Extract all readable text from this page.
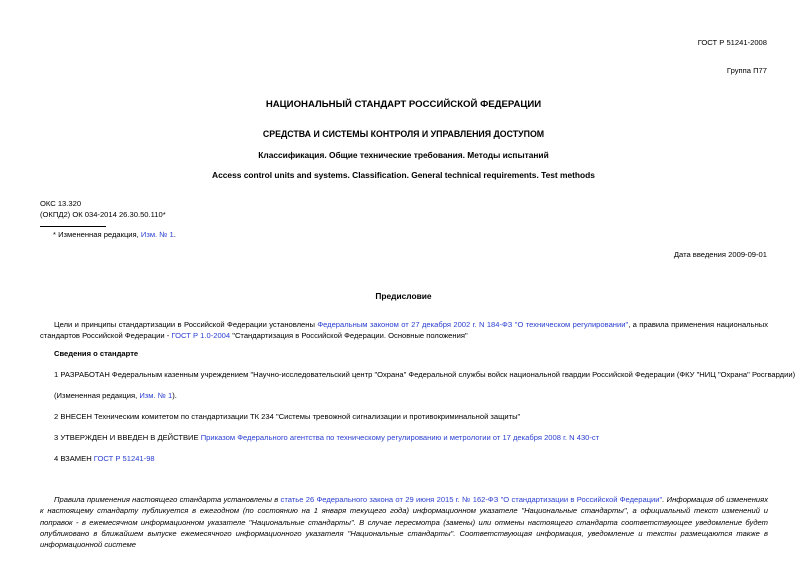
ГОСТ Р 51241-2008
Группа П77
НАЦИОНАЛЬНЫЙ СТАНДАРТ РОССИЙСКОЙ ФЕДЕРАЦИИ
СРЕДСТВА И СИСТЕМЫ КОНТРОЛЯ И УПРАВЛЕНИЯ ДОСТУПОМ
Классификация. Общие технические требования. Методы испытаний
Access control units and systems. Classification. General technical requirements. Test methods
ОКС 13.320
(ОКПД2) ОК 034-2014 26.30.50.110*
* Измененная редакция, Изм. № 1.
Дата введения 2009-09-01
Предисловие

Цели и принципы стандартизации в Российской Федерации установлены Федеральным законом от 27 декабря 2002 г. N 184-ФЗ "О техническом регулировании", а правила применения национальных стандартов Российской Федерации - ГОСТ Р 1.0-2004 "Стандартизация в Российской Федерации. Основные положения"

Сведения о стандарте
1 РАЗРАБОТАН Федеральным казенным учреждением "Научно-исследовательский центр "Охрана" Федеральной службы войск национальной гвардии Российской Федерации (ФКУ "НИЦ "Охрана" Росгвардии)
(Измененная редакция, Изм. № 1).
2 ВНЕСЕН Техническим комитетом по стандартизации ТК 234 "Системы тревожной сигнализации и противокриминальной защиты"
3 УТВЕРЖДЕН И ВВЕДЕН В ДЕЙСТВИЕ Приказом Федерального агентства по техническому регулированию и метрологии от 17 декабря 2008 г. N 430-ст
4 ВЗАМЕН ГОСТ Р 51241-98

Правила применения настоящего стандарта установлены в статье 26 Федерального закона от 29 июня 2015 г. № 162-ФЗ "О стандартизации в Российской Федерации". Информация об изменениях к настоящему стандарту публикуется в ежегодном (по состоянию на 1 января текущего года) информационном указателе "Национальные стандарты", а официальный текст изменений и поправок - в ежемесячном информационном указателе "Национальные стандарты". В случае пересмотра (замены) или отмены настоящего стандарта соответствующее уведомление будет опубликовано в ближайшем выпуске ежемесячного информационного указателя "Национальные стандарты". Соответствующая информация, уведомление и тексты размещаются также в информационной системе
